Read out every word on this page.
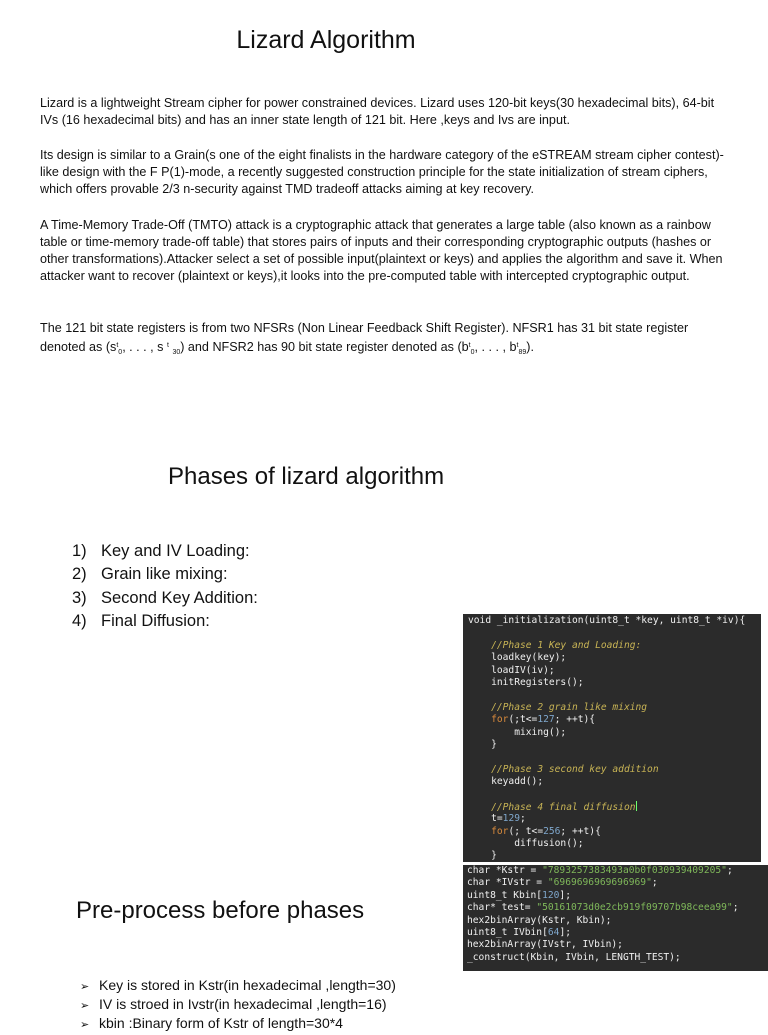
Lizard Algorithm

Lizard is a lightweight Stream cipher for power constrained devices. Lizard uses 120-bit keys(30 hexadecimal bits), 64-bit IVs (16 hexadecimal bits) and has an inner state length of 121 bit. Here ,keys and Ivs are input.

Its design is similar to a Grain(s one of the eight finalists in the hardware category of the eSTREAM stream cipher contest)-like design with the F P(1)-mode, a recently suggested construction principle for the state initialization of stream ciphers, which offers provable 2/3 n-security against TMD tradeoff attacks aiming at key recovery.

A Time-Memory Trade-Off (TMTO) attack is a cryptographic attack that generates a large table (also known as a rainbow table or time-memory trade-off table) that stores pairs of inputs and their corresponding cryptographic outputs (hashes or other transformations).Attacker select a set of possible input(plaintext or keys) and applies the algorithm and save it. When attacker want to recover (plaintext or keys),it looks into the pre-computed table with intercepted cryptographic output.

The 121 bit state registers is from two NFSRs (Non Linear Feedback Shift Register). NFSR1 has 31 bit state register denoted as ($s^t_0$, . . . , s $^t$ $_{30}$) and NFSR2 has 90 bit state register denoted as ($b^t_0$, . . . , $b^t_{89}$).

Phases of lizard algorithm
1) Key and IV Loading:
2) Grain like mixing:
3) Second Key Addition:
4) Final Diffusion:	void _initialization(uint8_t *key, uint8_t *iv){
//Phase 1 Key and Loading:
loadkey(key);
loadIV(iv);
initRegisters();
//Phase 2 grain like mixing
for(;t<=127; ++t){
mixing();
}
//Phase 3 second key addition
keyadd();
//Phase 4 final diffusion
t=129;
for(; t<=256; ++t){
diffusion();
}
char *Kstr = "7893257383493a0b0f030939409205";
char *IVstr = "6969696969696969";
uint8_t Kbin[120];
char* test= "50161073d0e2cb919f09707b98ceea99";
hex2binArray(Kstr, Kbin);
uint8_t IVbin[64];
hex2binArray(IVstr, IVbin);
_construct(Kbin, IVbin, LENGTH_TEST);
Pre-process before phases
➢ Key is stored in Kstr(in hexadecimal ,length=30)
➢ IV is stroed in Ivstr(in hexadecimal ,length=16)
➢ kbin :Binary form of Kstr of length=30*4
